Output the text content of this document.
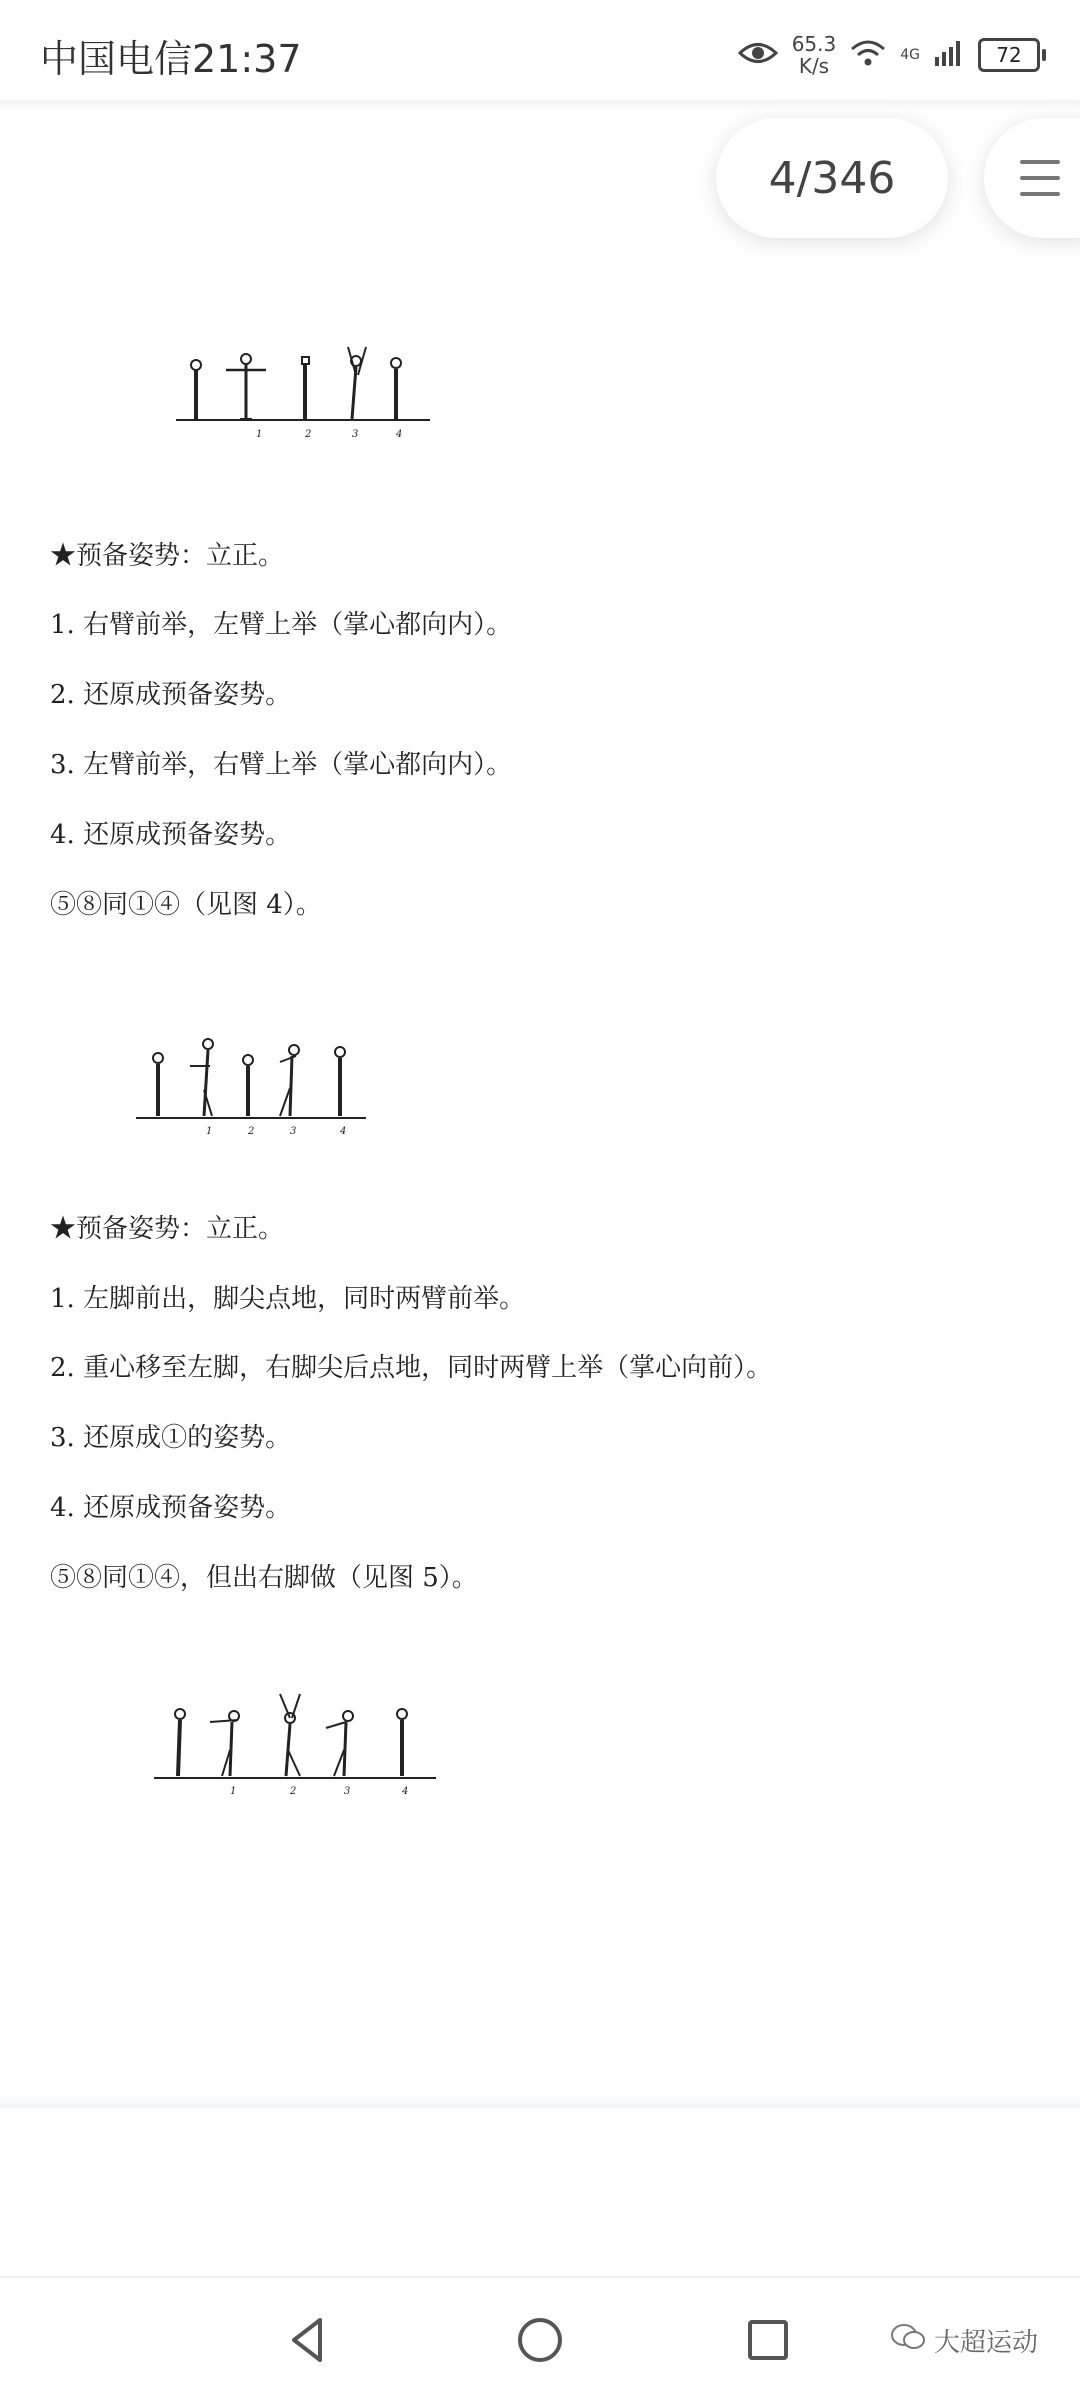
中国电信21:37	65.3
K/s	4G	72
4/346
1	2	3	4
★预备姿势：立正。
1. 右臂前举，左臂上举（掌心都向内）。
2. 还原成预备姿势。
3. 左臂前举，右臂上举（掌心都向内）。
4. 还原成预备姿势。
⑤⑧同①④（见图 4）。
1	2	3	4
★预备姿势：立正。
1. 左脚前出，脚尖点地，同时两臂前举。
2. 重心移至左脚，右脚尖后点地，同时两臂上举（掌心向前）。
3. 还原成①的姿势。
4. 还原成预备姿势。
⑤⑧同①④，但出右脚做（见图 5）。
1	2	3	4
大超运动
